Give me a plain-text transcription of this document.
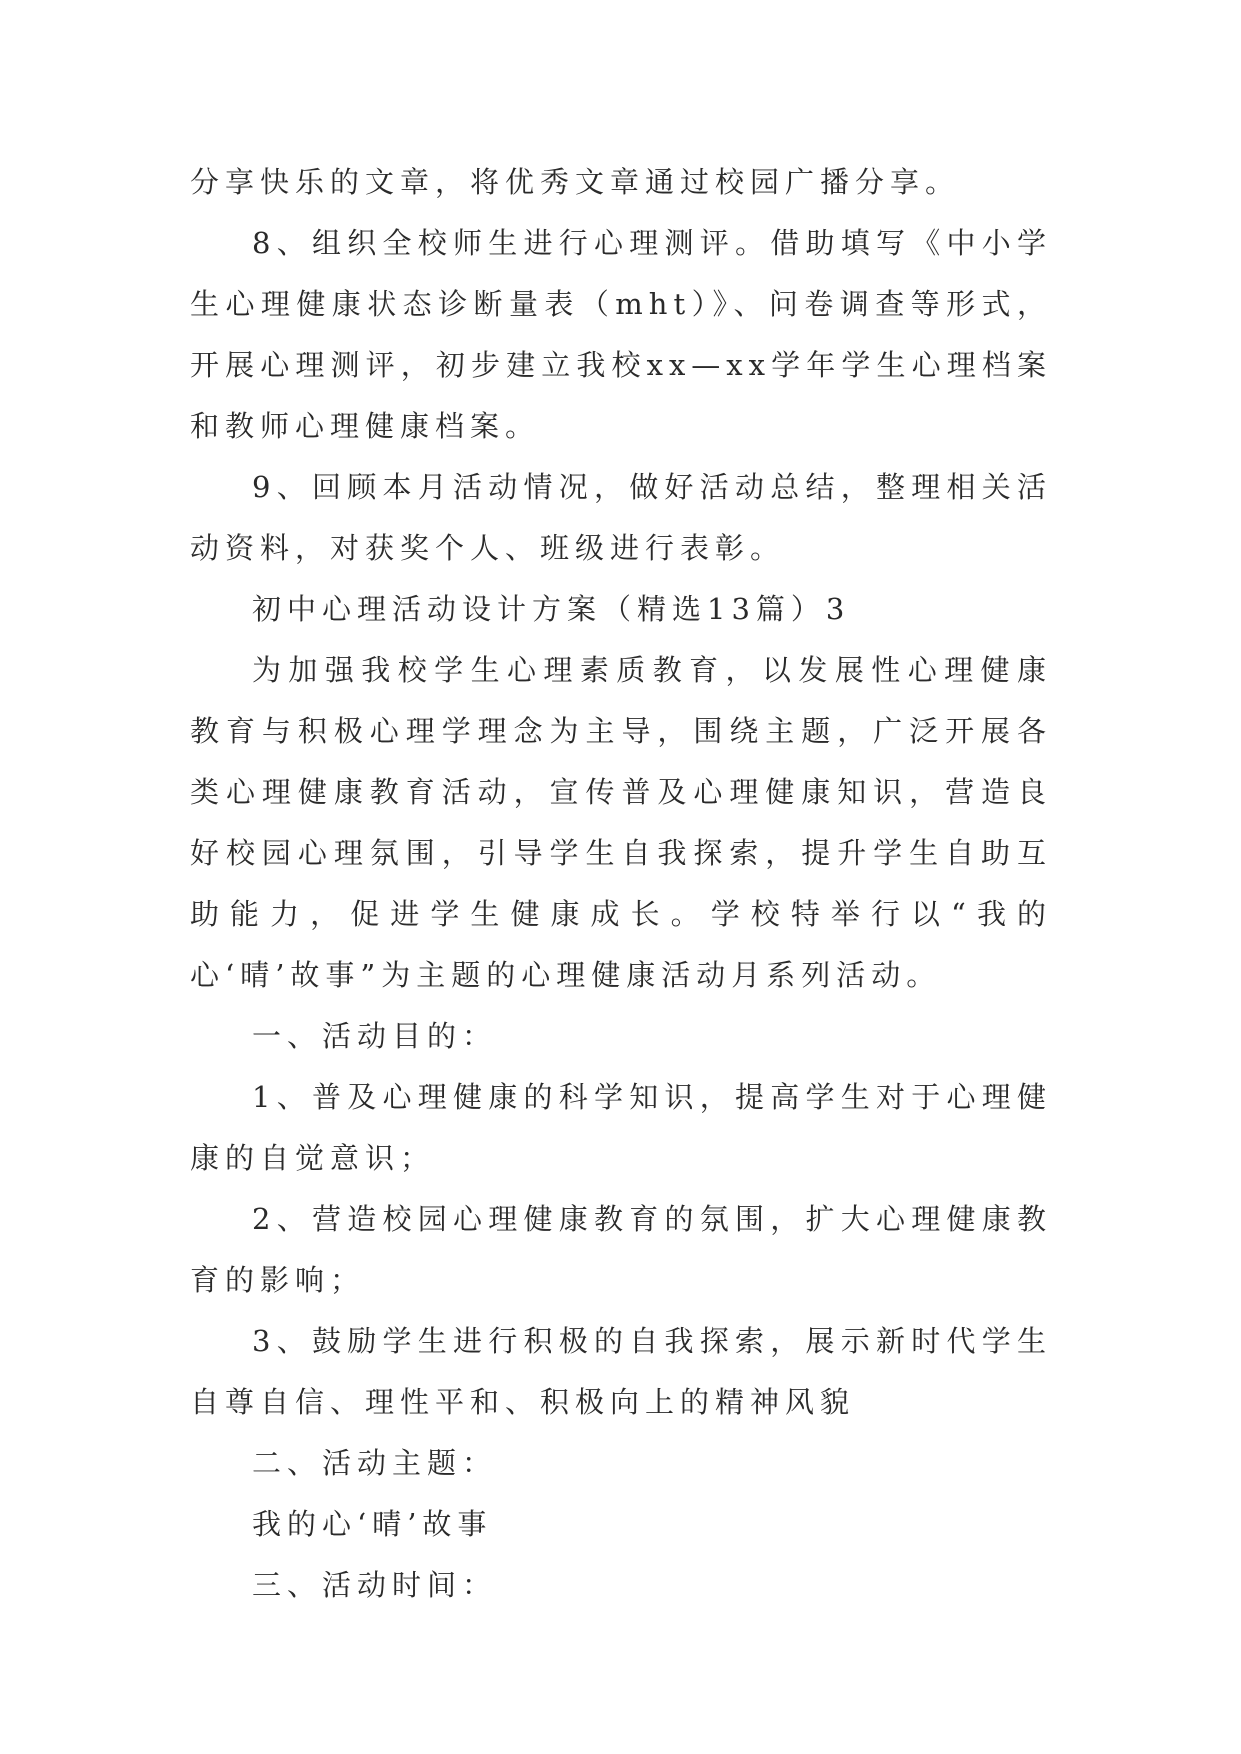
分享快乐的文章，将优秀文章通过校园广播分享。

8、组织全校师生进行心理测评。借助填写《中小学生心理健康状态诊断量表（mht）》、问卷调查等形式，开展心理测评，初步建立我校xx—xx学年学生心理档案和教师心理健康档案。

9、回顾本月活动情况，做好活动总结，整理相关活动资料，对获奖个人、班级进行表彰。

初中心理活动设计方案（精选13篇）3

为加强我校学生心理素质教育，以发展性心理健康教育与积极心理学理念为主导，围绕主题，广泛开展各类心理健康教育活动，宣传普及心理健康知识，营造良好校园心理氛围，引导学生自我探索，提升学生自助互助能力，促进学生健康成长。学校特举行以“我的心‘晴’故事”为主题的心理健康活动月系列活动。

一、活动目的：

1、普及心理健康的科学知识，提高学生对于心理健康的自觉意识；

2、营造校园心理健康教育的氛围，扩大心理健康教育的影响；

3、鼓励学生进行积极的自我探索，展示新时代学生自尊自信、理性平和、积极向上的精神风貌

二、活动主题：

我的心‘晴’故事

三、活动时间：
